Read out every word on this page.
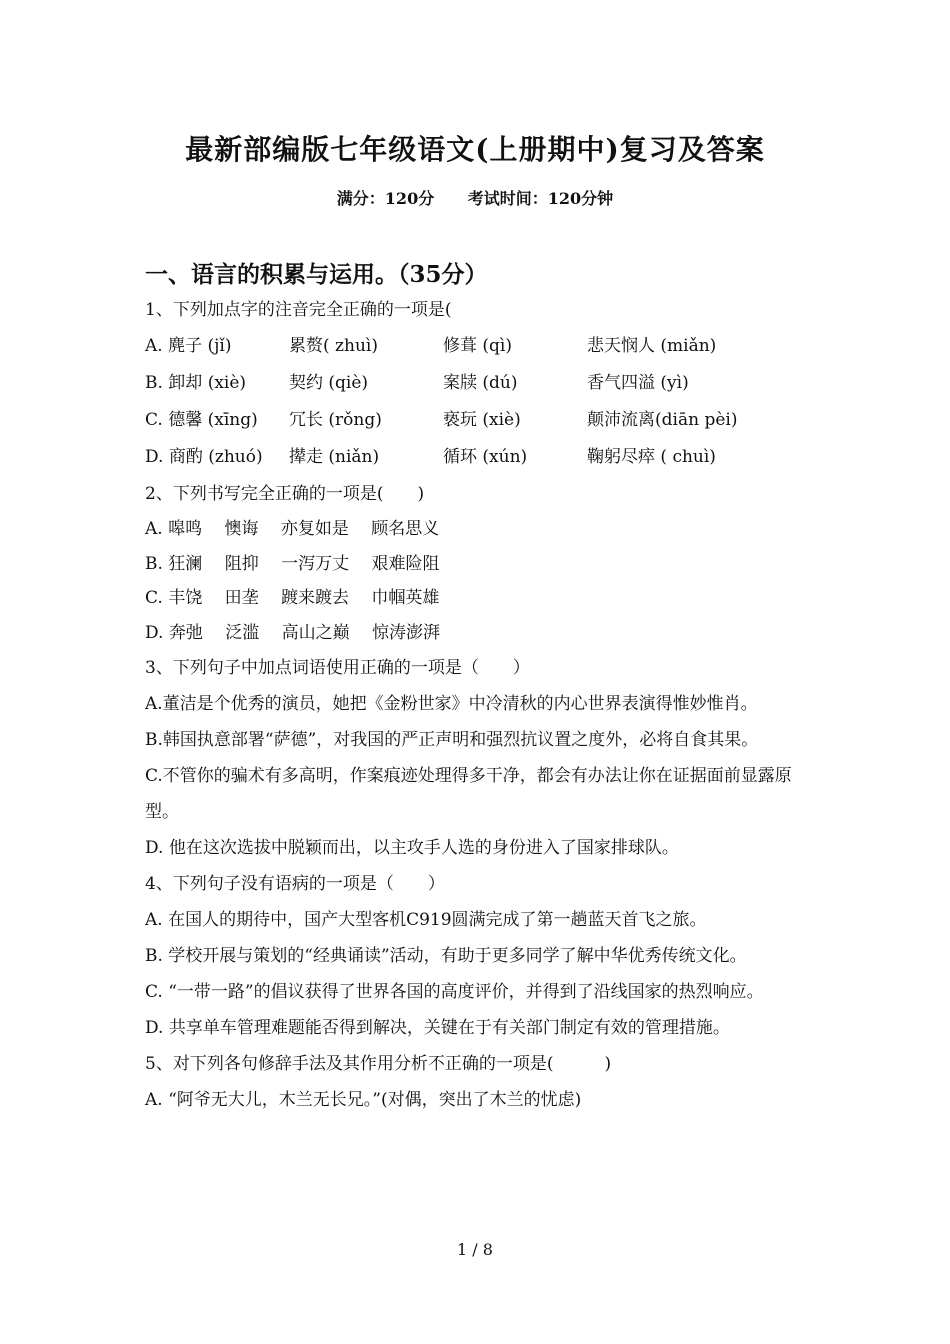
最新部编版七年级语文(上册期中)复习及答案
满分：120分 考试时间：120分钟
一、语言的积累与运用。（35分）
1、下列加点字的注音完全正确的一项是(
A. 麂子 (jǐ)	累赘( zhuì)	修葺 (qì)	悲天悯人 (miǎn)
B. 卸却 (xiè)	契约 (qiè)	案牍 (dú)	香气四溢 (yì)
C. 德馨 (xīng)	冗长 (rǒng)	亵玩 (xiè)	颠沛流离(diān pèi)
D. 商酌 (zhuó)	撵走 (niǎn)	循环 (xún)	鞠躬尽瘁 ( chuì)
2、下列书写完全正确的一项是(　　)
A. 嗥鸣　 懊诲　 亦复如是　 顾名思义
B. 狂澜　 阻抑　 一泻万丈　 艰难险阻
C. 丰饶　 田垄　 踱来踱去　 巾帼英雄
D. 奔弛　 泛滥　 高山之巅　 惊涛澎湃
3、下列句子中加点词语使用正确的一项是（　　）
A.董洁是个优秀的演员，她把《金粉世家》中冷清秋的内心世界表演得惟妙惟肖。
B.韩国执意部署“萨德”，对我国的严正声明和强烈抗议置之度外，必将自食其果。
C.不管你的骗术有多高明，作案痕迹处理得多干净，都会有办法让你在证据面前显露原型。
D. 他在这次选拔中脱颖而出，以主攻手人选的身份进入了国家排球队。
4、下列句子没有语病的一项是（　　）
A. 在国人的期待中，国产大型客机C919圆满完成了第一趟蓝天首飞之旅。
B. 学校开展与策划的“经典诵读”活动，有助于更多同学了解中华优秀传统文化。
C. “一带一路”的倡议获得了世界各国的高度评价，并得到了沿线国家的热烈响应。
D. 共享单车管理难题能否得到解决，关键在于有关部门制定有效的管理措施。
5、对下列各句修辞手法及其作用分析不正确的一项是(　　　)
A. “阿爷无大儿，木兰无长兄。”(对偶，突出了木兰的忧虑)
1 / 8
